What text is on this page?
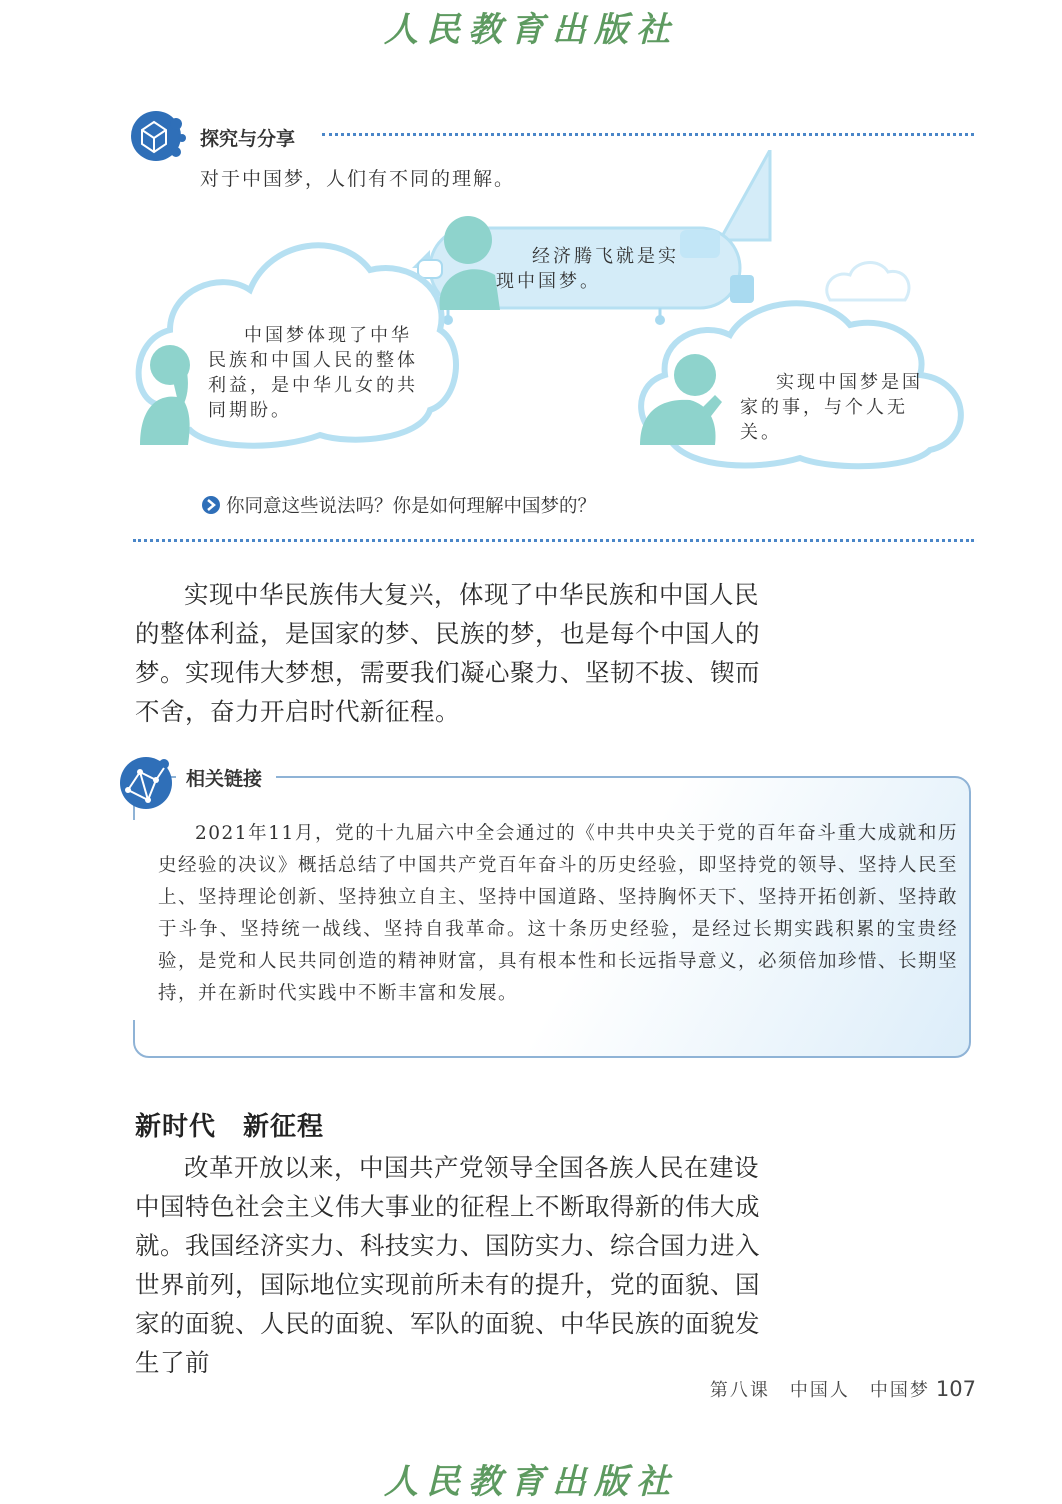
人民教育出版社
探究与分享
对于中国梦，人们有不同的理解。
经济腾飞就是实现中国梦。
中国梦体现了中华民族和中国人民的整体利益，是中华儿女的共同期盼。
实现中国梦是国家的事，与个人无关。
你同意这些说法吗？你是如何理解中国梦的？
实现中华民族伟大复兴，体现了中华民族和中国人民的整体利益，是国家的梦、民族的梦，也是每个中国人的梦。实现伟大梦想，需要我们凝心聚力、坚韧不拔、锲而不舍，奋力开启时代新征程。
相关链接
2021年11月，党的十九届六中全会通过的《中共中央关于党的百年奋斗重大成就和历史经验的决议》概括总结了中国共产党百年奋斗的历史经验，即坚持党的领导、坚持人民至上、坚持理论创新、坚持独立自主、坚持中国道路、坚持胸怀天下、坚持开拓创新、坚持敢于斗争、坚持统一战线、坚持自我革命。这十条历史经验，是经过长期实践积累的宝贵经验，是党和人民共同创造的精神财富，具有根本性和长远指导意义，必须倍加珍惜、长期坚持，并在新时代实践中不断丰富和发展。
新时代　新征程
改革开放以来，中国共产党领导全国各族人民在建设中国特色社会主义伟大事业的征程上不断取得新的伟大成就。我国经济实力、科技实力、国防实力、综合国力进入世界前列，国际地位实现前所未有的提升，党的面貌、国家的面貌、人民的面貌、军队的面貌、中华民族的面貌发生了前
第八课　中国人　中国梦 107
人民教育出版社
